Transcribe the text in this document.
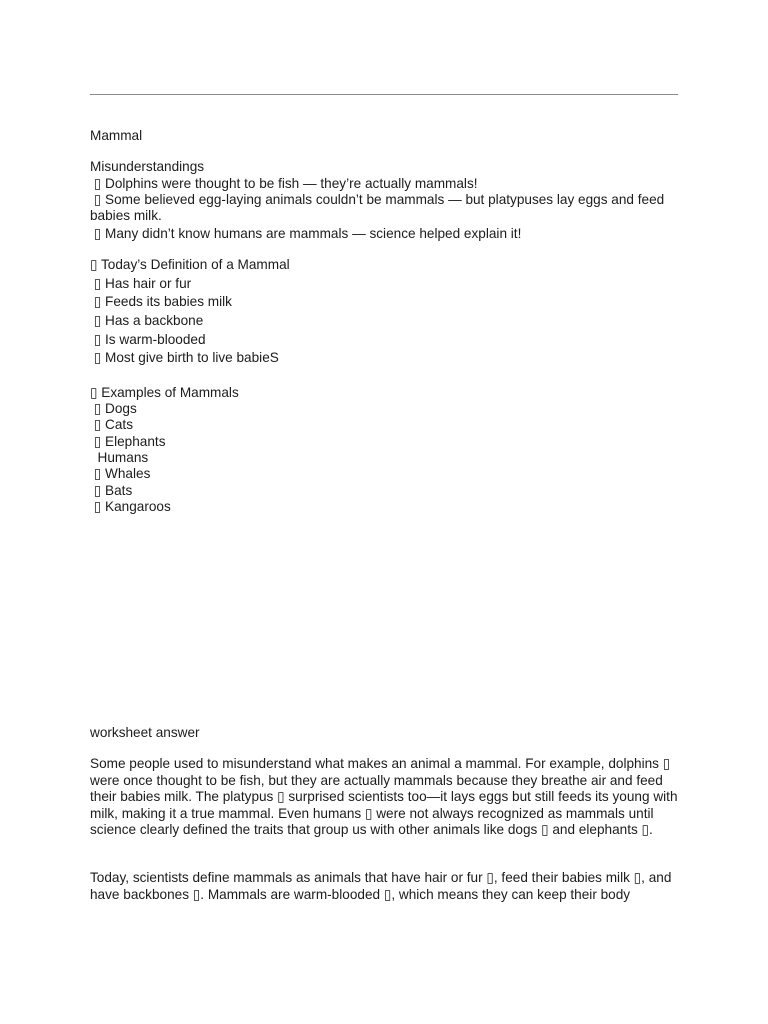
Mammal
Misunderstandings
▯ Dolphins were thought to be fish — they’re actually mammals!
▯ Some believed egg-laying animals couldn’t be mammals — but platypuses lay eggs and feed
babies milk.
▯ Many didn’t know humans are mammals — science helped explain it!
▯ Today’s Definition of a Mammal
▯ Has hair or fur
▯ Feeds its babies milk
▯ Has a backbone
▯ Is warm-blooded
▯ Most give birth to live babieS
▯ Examples of Mammals
▯ Dogs
▯ Cats
▯ Elephants
Humans
▯ Whales
▯ Bats
▯ Kangaroos
worksheet answer

Some people used to misunderstand what makes an animal a mammal. For example, dolphins ▯ were once thought to be fish, but they are actually mammals because they breathe air and feed their babies milk. The platypus ▯ surprised scientists too—it lays eggs but still feeds its young with milk, making it a true mammal. Even humans ▯ were not always recognized as mammals until science clearly defined the traits that group us with other animals like dogs ▯ and elephants ▯.

Today, scientists define mammals as animals that have hair or fur ▯, feed their babies milk ▯, and have backbones ▯. Mammals are warm-blooded ▯, which means they can keep their body
